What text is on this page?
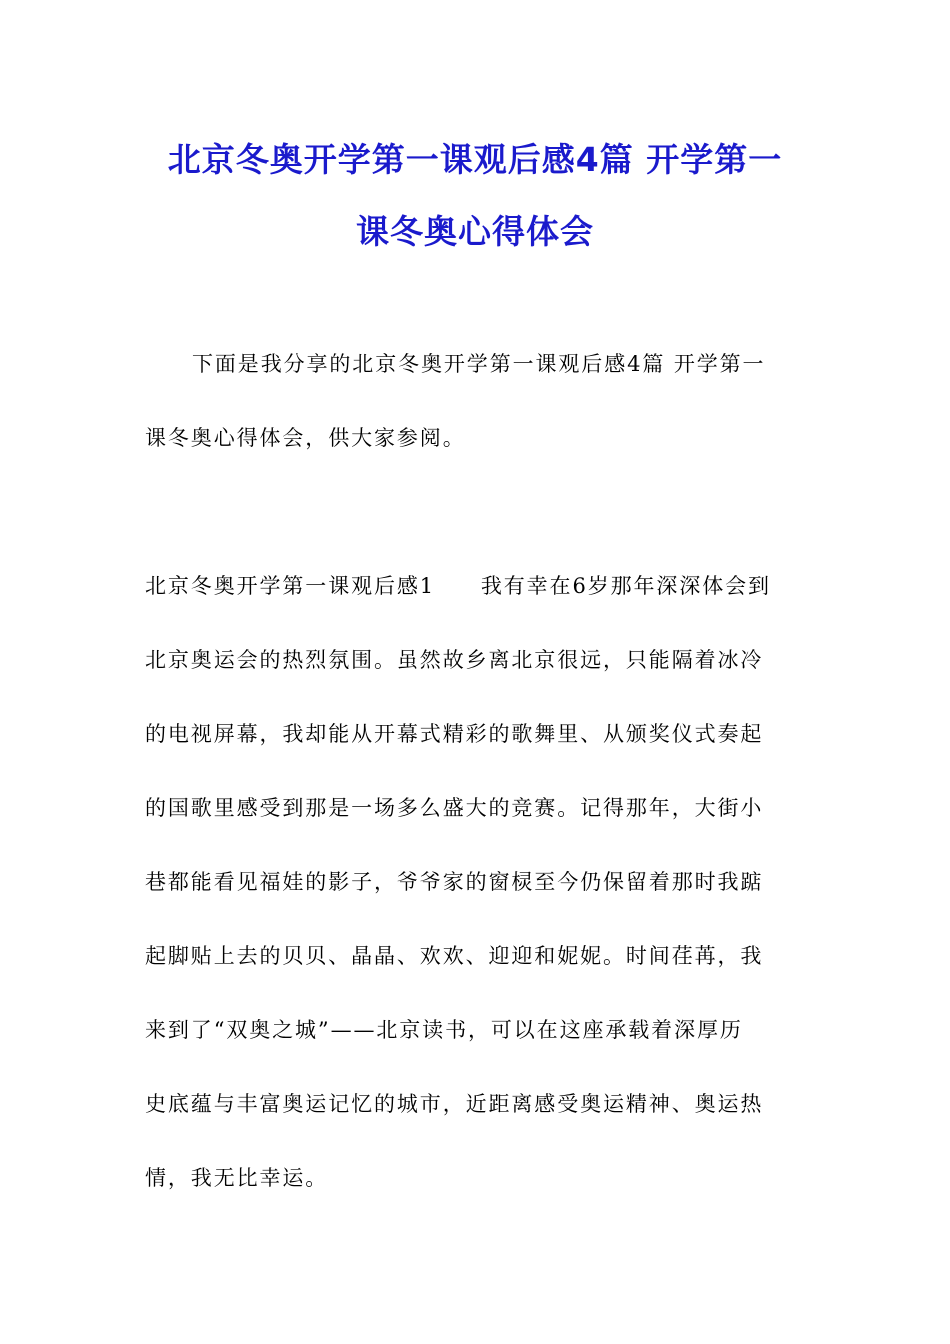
北京冬奥开学第一课观后感4篇 开学第一
课冬奥心得体会
下面是我分享的北京冬奥开学第一课观后感4篇 开学第一
课冬奥心得体会，供大家参阅。
北京冬奥开学第一课观后感1　　我有幸在6岁那年深深体会到
北京奥运会的热烈氛围。虽然故乡离北京很远，只能隔着冰冷
的电视屏幕，我却能从开幕式精彩的歌舞里、从颁奖仪式奏起
的国歌里感受到那是一场多么盛大的竞赛。记得那年，大街小
巷都能看见福娃的影子，爷爷家的窗棂至今仍保留着那时我踮
起脚贴上去的贝贝、晶晶、欢欢、迎迎和妮妮。时间荏苒，我
来到了“双奥之城”——北京读书，可以在这座承载着深厚历
史底蕴与丰富奥运记忆的城市，近距离感受奥运精神、奥运热
情，我无比幸运。
